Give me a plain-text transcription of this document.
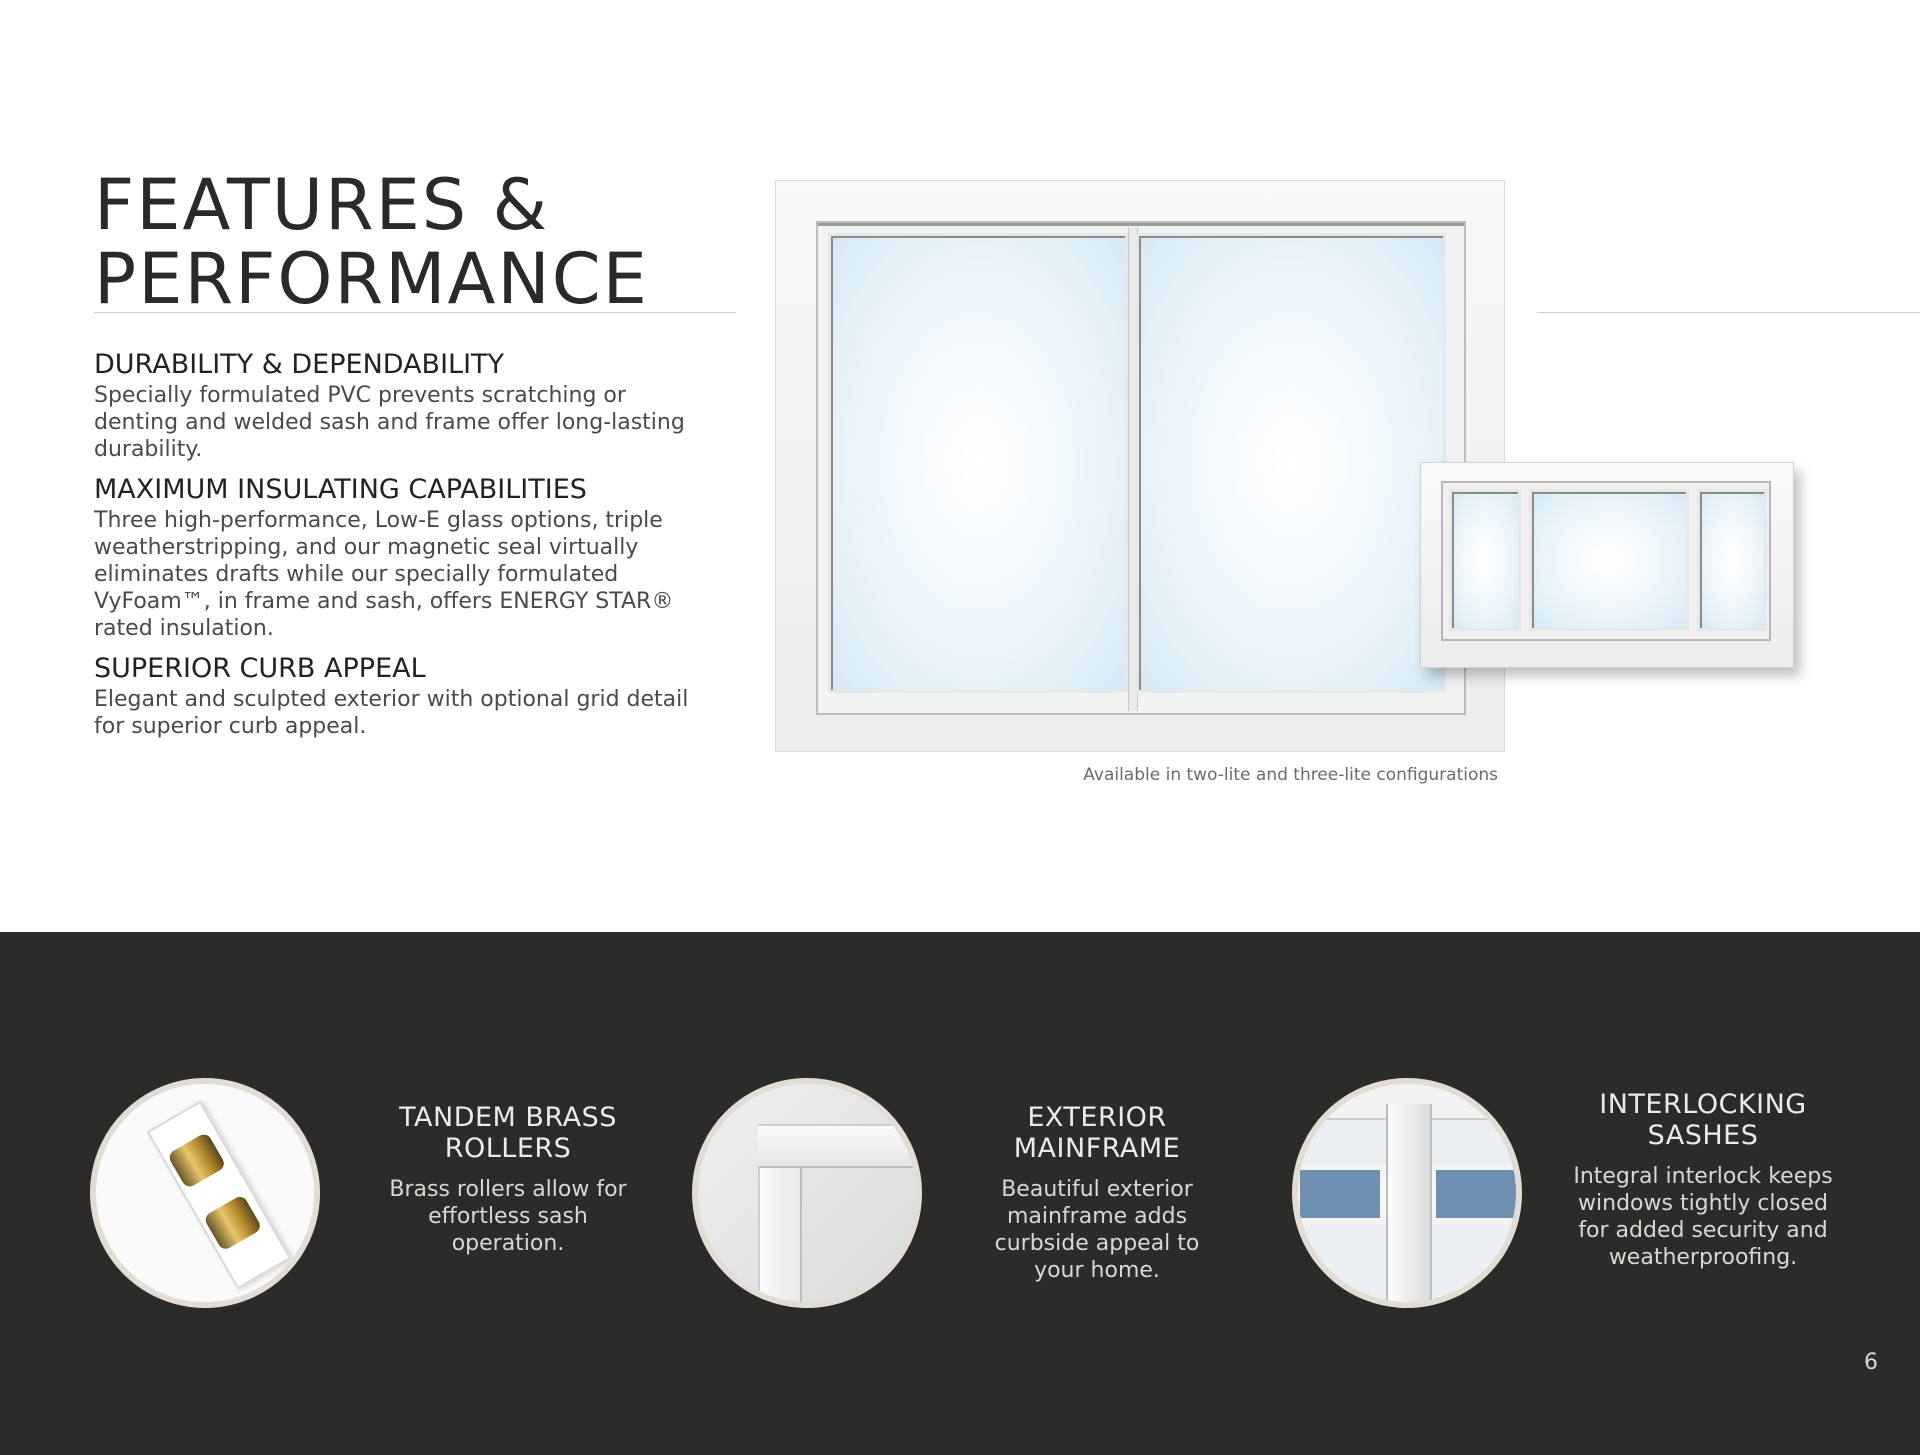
FEATURES &
PERFORMANCE
DURABILITY & DEPENDABILITY

Specially formulated PVC prevents scratching or denting and welded sash and frame offer long-lasting durability.

MAXIMUM INSULATING CAPABILITIES

Three high-performance, Low-E glass options, triple weatherstripping, and our magnetic seal virtually eliminates drafts while our specially formulated VyFoam™, in frame and sash, offers ENERGY STAR® rated insulation.

SUPERIOR CURB APPEAL

Elegant and sculpted exterior with optional grid detail for superior curb appeal.

Available in two-lite and three-lite configurations
TANDEM BRASS ROLLERS

Brass rollers allow for effortless sash operation.

EXTERIOR MAINFRAME

Beautiful exterior mainframe adds curbside appeal to your home.

INTERLOCKING SASHES

Integral interlock keeps windows tightly closed for added security and weatherproofing.

6
